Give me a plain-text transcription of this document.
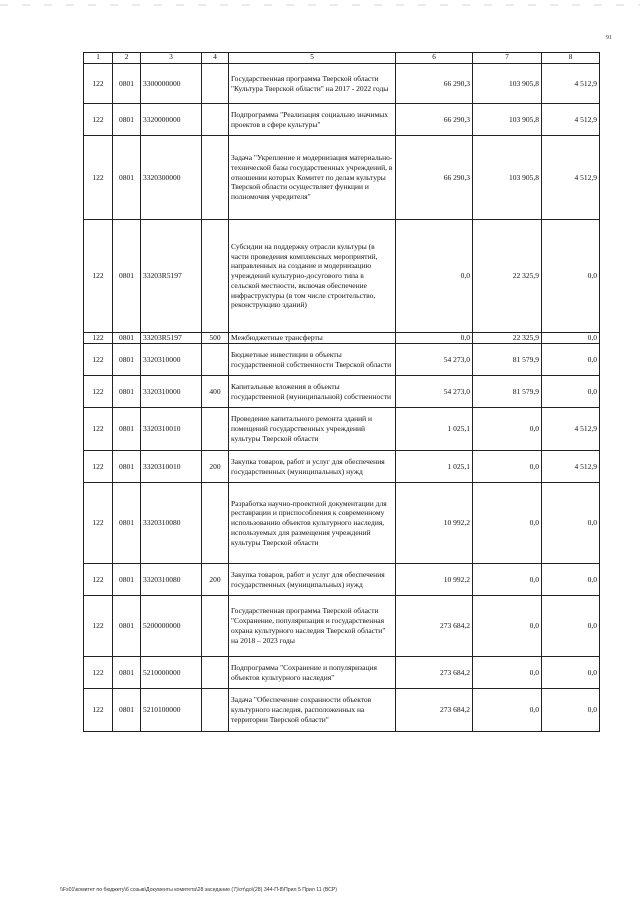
91
1	2	3	4	5	6	7	8
122	0801	3300000000		Государственная программа Тверской области "Культура Тверской области" на 2017 - 2022 годы	66 290,3	103 905,8	4 512,9
122	0801	3320000000		Подпрограмма "Реализация социально значимых проектов в сфере культуры"	66 290,3	103 905,8	4 512,9
122	0801	3320300000		Задача "Укрепление и модернизация материально-технической базы государственных учреждений, в отношении которых Комитет по делам культуры Тверской области осуществляет функции и полномочия учредителя"	66 290,3	103 905,8	4 512,9
122	0801	33203R5197		Субсидии на поддержку отрасли культуры (в части проведения комплексных мероприятий, направленных на создание и модернизацию учреждений культурно-досугового типа в сельской местности, включая обеспечение инфраструктуры (в том числе строительство, реконструкцию зданий)	0,0	22 325,9	0,0
122	0801	33203R5197	500	Межбюджетные трансферты	0,0	22 325,9	0,0
122	0801	3320310000		Бюджетные инвестиции в объекты государственной собственности Тверской области	54 273,0	81 579,9	0,0
122	0801	3320310000	400	Капитальные вложения в объекты государственной (муниципальной) собственности	54 273,0	81 579,9	0,0
122	0801	3320310010		Проведение капитального ремонта зданий и помещений государственных учреждений культуры Тверской области	1 025,1	0,0	4 512,9
122	0801	3320310010	200	Закупка товаров, работ и услуг для обеспечения государственных (муниципальных) нужд	1 025,1	0,0	4 512,9
122	0801	3320310080		Разработка научно-проектной документации для реставрации и приспособления к современному использованию объектов культурного наследия, используемых для размещения учреждений культуры Тверской области	10 992,2	0,0	0,0
122	0801	3320310080	200	Закупка товаров, работ и услуг для обеспечения государственных (муниципальных) нужд	10 992,2	0,0	0,0
122	0801	5200000000		Государственная программа Тверской области "Сохранение, популяризация и государственная охрана культурного наследия Тверской области" на 2018 – 2023 годы	273 684,2	0,0	0,0
122	0801	5210000000		Подпрограмма "Сохранение и популяризация объектов культурного наследия"	273 684,2	0,0	0,0
122	0801	5210100000		Задача "Обеспечение сохранности объектов культурного наследия, расположенных на территории Тверской области"	273 684,2	0,0	0,0
\\Fs01\комитет по бюджету\6 созыв\Документы комитета\28 заседание (7)\от\до\(28) 344-П-8\Прил 5 Прил 11 (ВСР)
